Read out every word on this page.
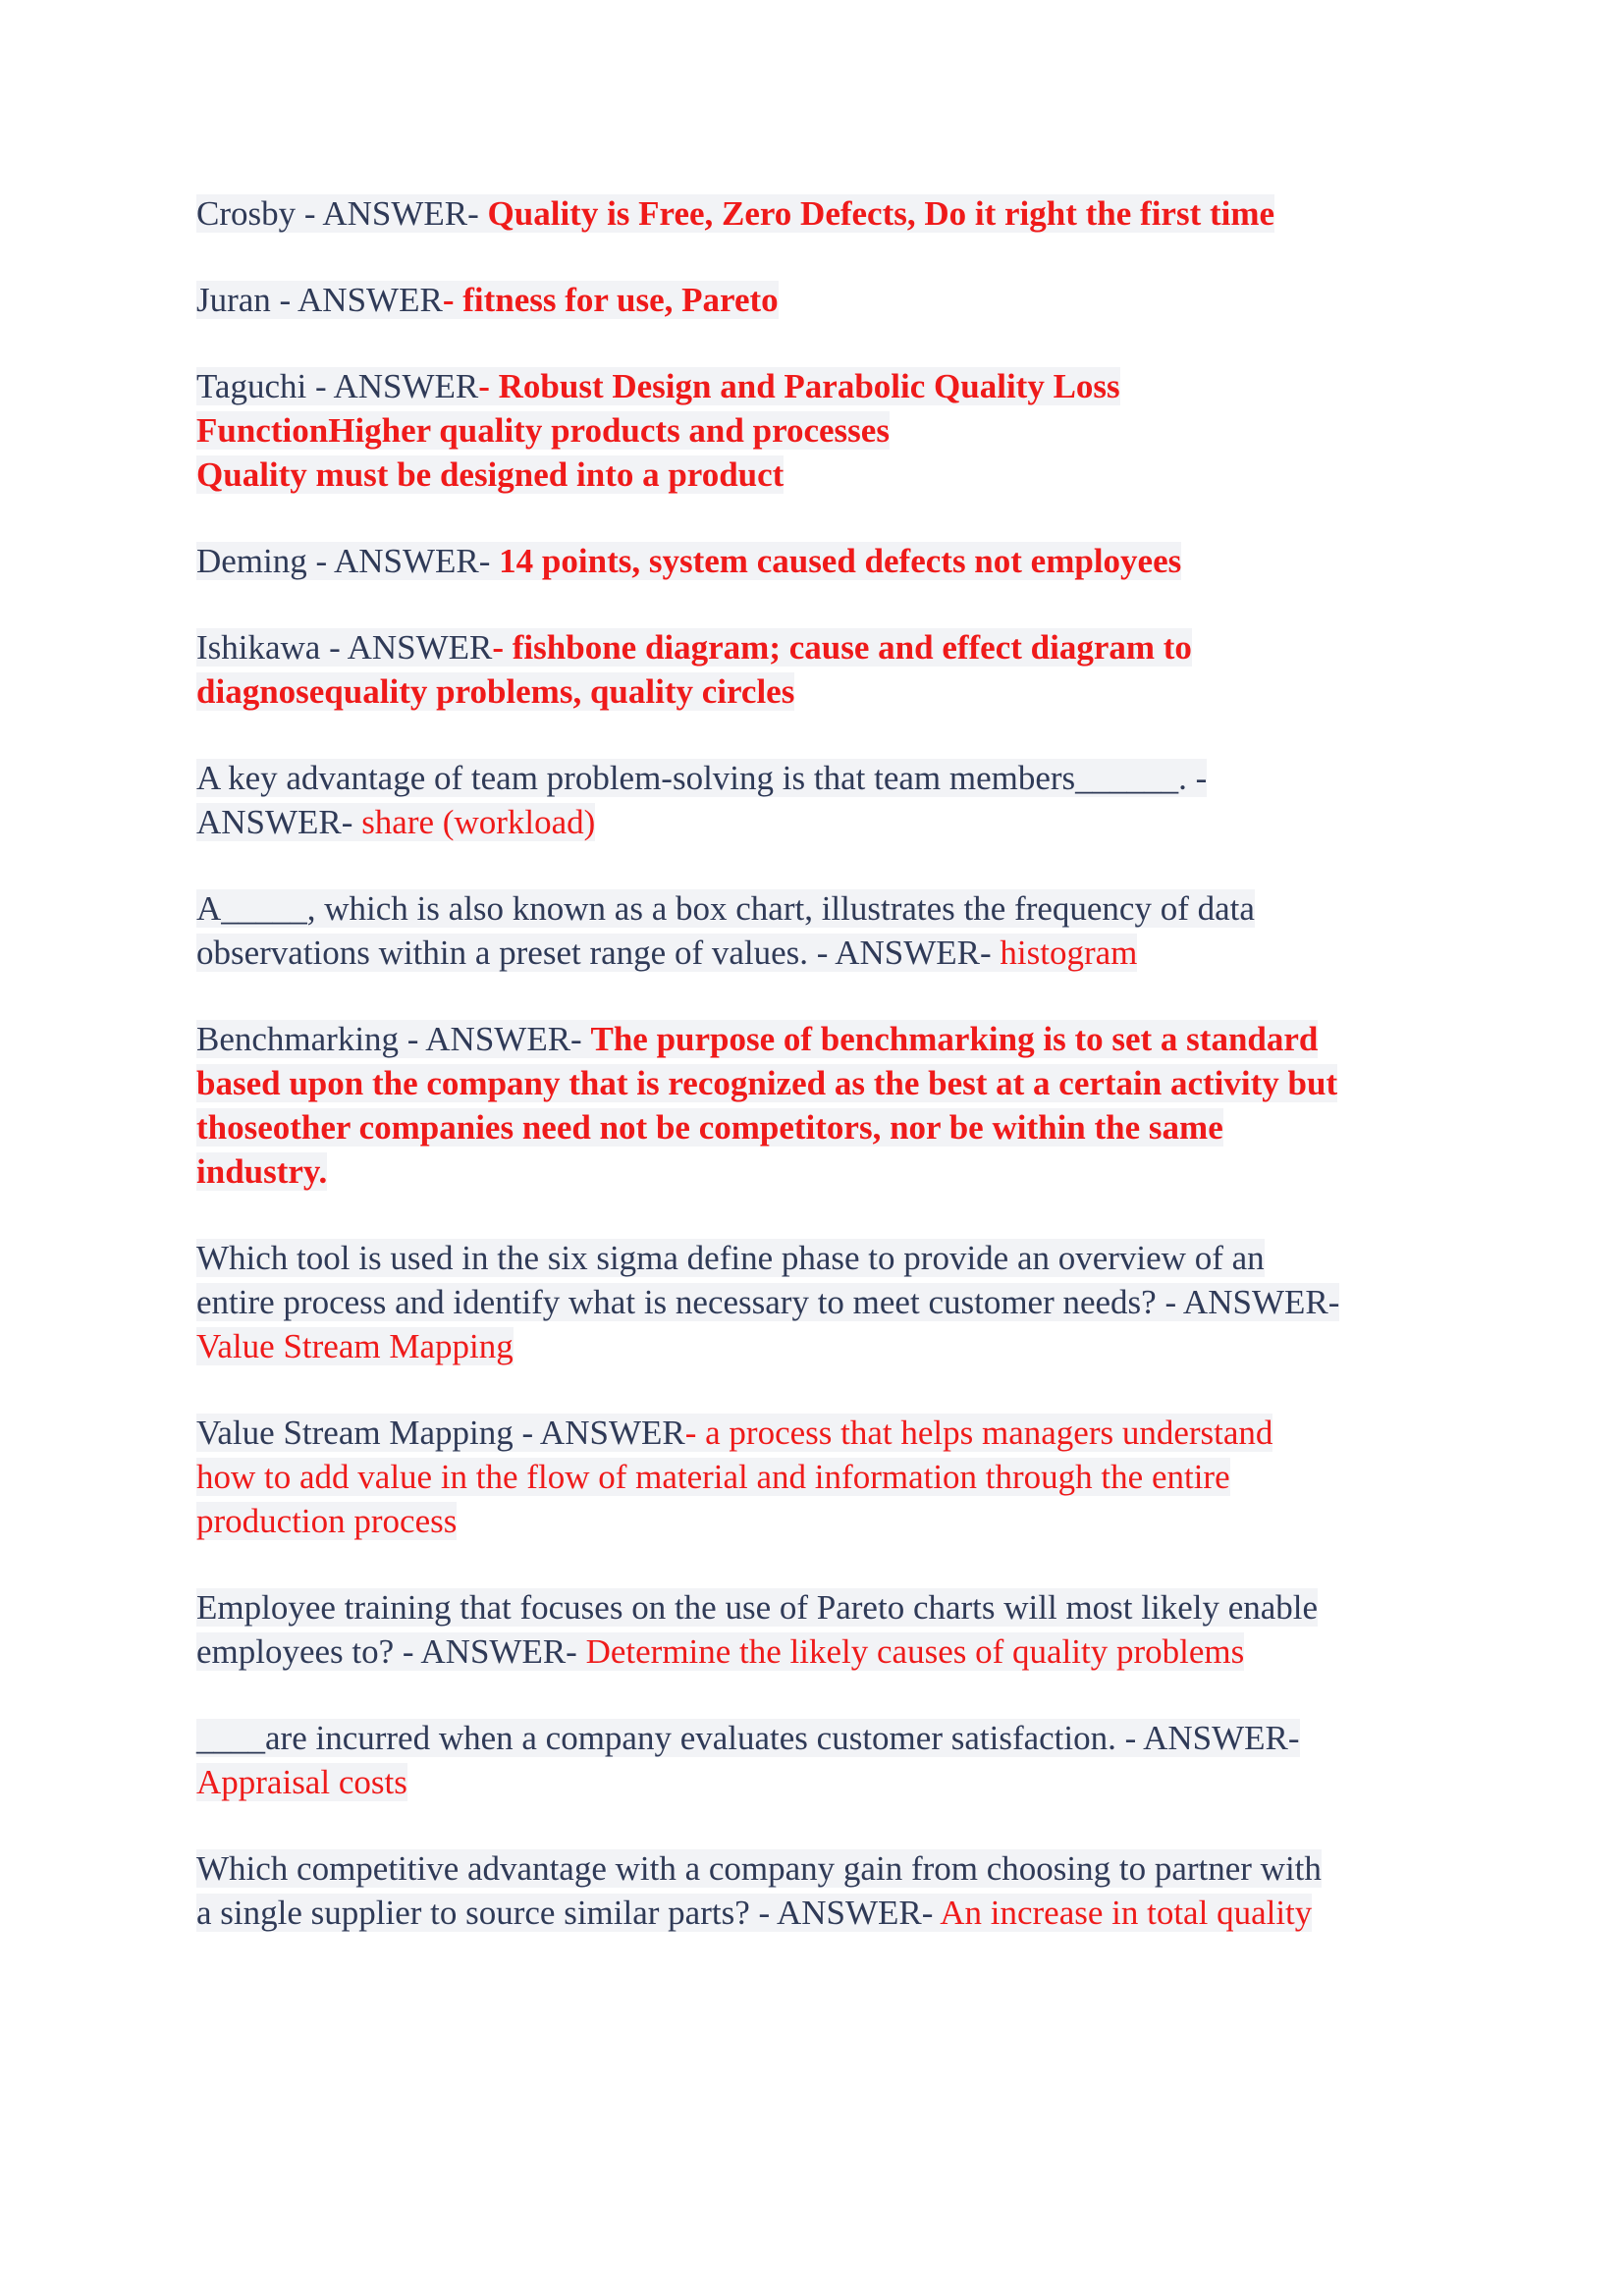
Crosby - ANSWER- Quality is Free, Zero Defects, Do it right the first time

Juran - ANSWER- fitness for use, Pareto

Taguchi - ANSWER- Robust Design and Parabolic Quality Loss
FunctionHigher quality products and processes
Quality must be designed into a product

Deming - ANSWER- 14 points, system caused defects not employees

Ishikawa - ANSWER- fishbone diagram; cause and effect diagram to
diagnosequality problems, quality circles

A key advantage of team problem-solving is that team members______. -
ANSWER- share (workload)

A_____, which is also known as a box chart, illustrates the frequency of data
observations within a preset range of values. - ANSWER- histogram

Benchmarking - ANSWER- The purpose of benchmarking is to set a standard
based upon the company that is recognized as the best at a certain activity but
thoseother companies need not be competitors, nor be within the same
industry.

Which tool is used in the six sigma define phase to provide an overview of an
entire process and identify what is necessary to meet customer needs? - ANSWER-
Value Stream Mapping

Value Stream Mapping - ANSWER- a process that helps managers understand
how to add value in the flow of material and information through the entire
production process

Employee training that focuses on the use of Pareto charts will most likely enable
employees to? - ANSWER- Determine the likely causes of quality problems

____are incurred when a company evaluates customer satisfaction. - ANSWER-
Appraisal costs

Which competitive advantage with a company gain from choosing to partner with
a single supplier to source similar parts? - ANSWER- An increase in total quality
